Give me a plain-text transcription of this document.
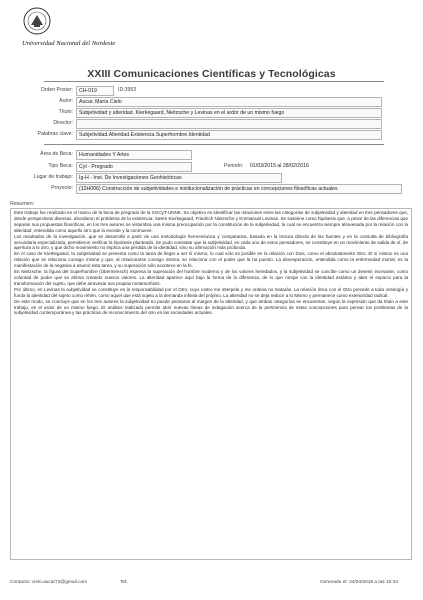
Universidad Nacional del Nordeste
XXIII Comunicaciones Científicas y Tecnológicas
Orden Poster:	CH-019	ID:3953
Autor:	Aucar, María Cielo
Título:	Subjetividad y alteridad. Kierkegaard, Nietzsche y Levinas en el ardor de un mismo fuego
Director:
Palabras clave:	Subjetividad.Alteridad.Existencia.Superhombre.Identidad
Área de Beca:	Humanidades Y Artes
Tipo Beca:	Cyt - Pregrado	Periodo: 01/03/2015 al 28/02/2016
Lugar de trabajo:	Ig-H - Inst. De Investigaciones Geohistóricas
Proyecto:	(12H006) Construcción de subjetividades e institucionalización de prácticas en concepciones filosóficas actuales
Resumen:

Este trabajo fue realizado en el marco de la beca de pregrado de la SGCyT-UNNE. Su objetivo es identificar las relaciones entre las categorías de subjetividad y alteridad en tres pensadores que, desde perspectivas diversas, abordaron el problema de la existencia: Søren Kierkegaard, Friedrich Nietzsche y Emmanuel Levinas. Se sostiene como hipótesis que, a pesar de las diferencias que separan sus propuestas filosóficas, en los tres autores se vislumbra una misma preocupación por la constitución de la subjetividad, la cual se encuentra siempre atravesada por la relación con la alteridad, entendida como aquello otro que la excede y la conmueve.

Los resultados de la investigación, que se desarrolló a partir de una metodología hermenéutica y comparativa, basada en la lectura directa de las fuentes y en la consulta de bibliografía secundaria especializada, permitieron verificar la hipótesis planteada. Se pudo constatar que la subjetividad, en cada uno de estos pensadores, se constituye en un movimiento de salida de sí, de apertura a lo otro, y que dicho movimiento no implica una pérdida de la identidad, sino su afirmación más profunda.

En el caso de Kierkegaard, la subjetividad se presenta como la tarea de llegar a ser sí mismo, lo cual sólo es posible en la relación con Dios, como el absolutamente Otro. El sí mismo es una relación que se relaciona consigo misma y que, al relacionarse consigo misma, se relaciona con el poder que la ha puesto. La desesperación, entendida como la enfermedad mortal, es la manifestación de la negativa a asumir esta tarea, y su superación sólo acontece en la fe.

En Nietzsche, la figura del Superhombre (Übermensch) expresa la superación del hombre moderno y de los valores heredados, y la subjetividad se concibe como un devenir incesante, como voluntad de poder que se afirma creando nuevos valores. La alteridad aparece aquí bajo la forma de la diferencia, de lo que rompe con la identidad estática y abre el espacio para la transformación del sujeto, que debe atravesar sus propias metamorfosis.

Por último, en Levinas la subjetividad se constituye en la responsabilidad por el Otro, cuyo rostro me interpela y me ordena no matarás. La relación ética con el Otro precede a toda ontología y funda la identidad del sujeto como rehén, como aquel que está sujeto a la demanda infinita del prójimo. La alteridad no se deja reducir a lo Mismo y permanece como exterioridad radical.

De este modo, se concluye que en los tres autores la subjetividad no puede pensarse al margen de la alteridad, y que ambas categorías se encuentran, según la expresión que da título a este trabajo, en el ardor de un mismo fuego. El análisis realizado permite abrir nuevas líneas de indagación acerca de la pertinencia de estas concepciones para pensar los problemas de la subjetividad contemporánea y las prácticas de reconocimiento del otro en las sociedades actuales.

Contacto: cielo.aucar73@gmail.com	Tel:	Generado el: 24/04/2018 a las 15:34
